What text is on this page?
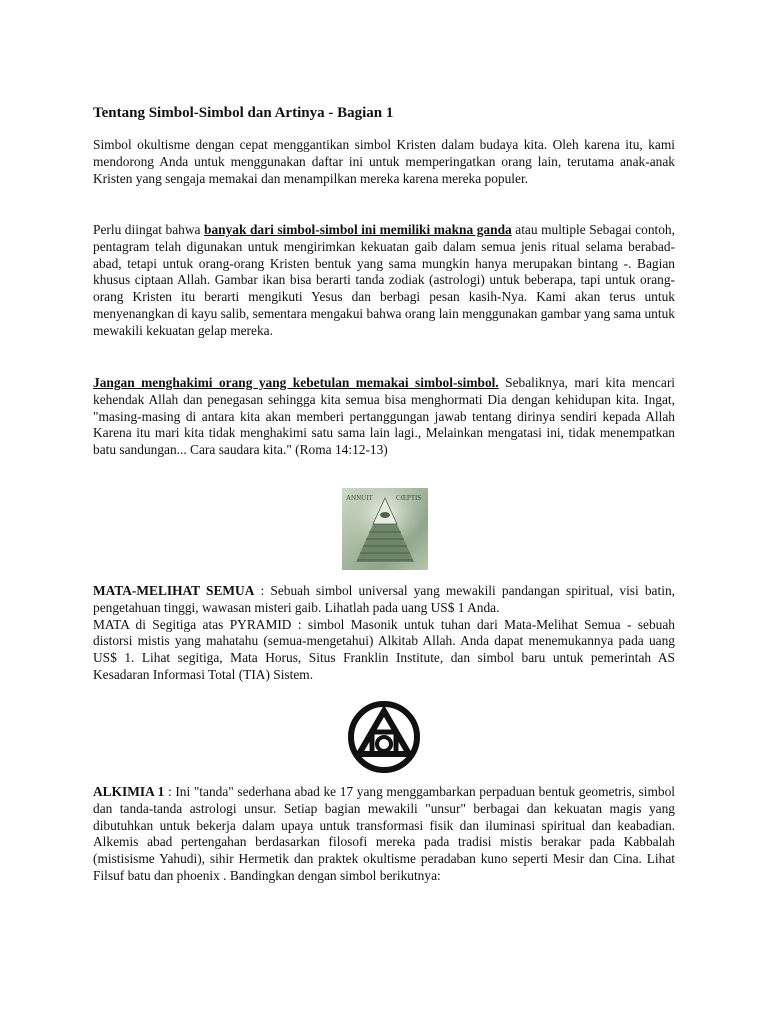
Tentang Simbol-Simbol dan Artinya - Bagian 1

Simbol okultisme dengan cepat menggantikan simbol Kristen dalam budaya kita. Oleh karena itu, kami mendorong Anda untuk menggunakan daftar ini untuk memperingatkan orang lain, terutama anak-anak Kristen yang sengaja memakai dan menampilkan mereka karena mereka populer.

Perlu diingat bahwa banyak dari simbol-simbol ini memiliki makna ganda atau multiple Sebagai contoh, pentagram telah digunakan untuk mengirimkan kekuatan gaib dalam semua jenis ritual selama berabad-abad, tetapi untuk orang-orang Kristen bentuk yang sama mungkin hanya merupakan bintang -. Bagian khusus ciptaan Allah. Gambar ikan bisa berarti tanda zodiak (astrologi) untuk beberapa, tapi untuk orang-orang Kristen itu berarti mengikuti Yesus dan berbagi pesan kasih-Nya. Kami akan terus untuk menyenangkan di kayu salib, sementara mengakui bahwa orang lain menggunakan gambar yang sama untuk mewakili kekuatan gelap mereka.

Jangan menghakimi orang yang kebetulan memakai simbol-simbol. Sebaliknya, mari kita mencari kehendak Allah dan penegasan sehingga kita semua bisa menghormati Dia dengan kehidupan kita. Ingat, "masing-masing di antara kita akan memberi pertanggungan jawab tentang dirinya sendiri kepada Allah Karena itu mari kita tidak menghakimi satu sama lain lagi., Melainkan mengatasi ini, tidak menempatkan batu sandungan... Cara saudara kita." (Roma 14:12-13)

ANNUIT	CŒPTIS

MATA-MELIHAT SEMUA : Sebuah simbol universal yang mewakili pandangan spiritual, visi batin, pengetahuan tinggi, wawasan misteri gaib. Lihatlah pada uang US$ 1 Anda.
MATA di Segitiga atas PYRAMID : simbol Masonik untuk tuhan dari Mata-Melihat Semua - sebuah distorsi mistis yang mahatahu (semua-mengetahui) Alkitab Allah. Anda dapat menemukannya pada uang US$ 1. Lihat segitiga, Mata Horus, Situs Franklin Institute, dan simbol baru untuk pemerintah AS Kesadaran Informasi Total (TIA) Sistem.

ALKIMIA 1 : Ini "tanda" sederhana abad ke 17 yang menggambarkan perpaduan bentuk geometris, simbol dan tanda-tanda astrologi unsur. Setiap bagian mewakili "unsur" berbagai dan kekuatan magis yang dibutuhkan untuk bekerja dalam upaya untuk transformasi fisik dan iluminasi spiritual dan keabadian. Alkemis abad pertengahan berdasarkan filosofi mereka pada tradisi mistis berakar pada Kabbalah (mistisisme Yahudi), sihir Hermetik dan praktek okultisme peradaban kuno seperti Mesir dan Cina. Lihat Filsuf batu dan phoenix . Bandingkan dengan simbol berikutnya:
